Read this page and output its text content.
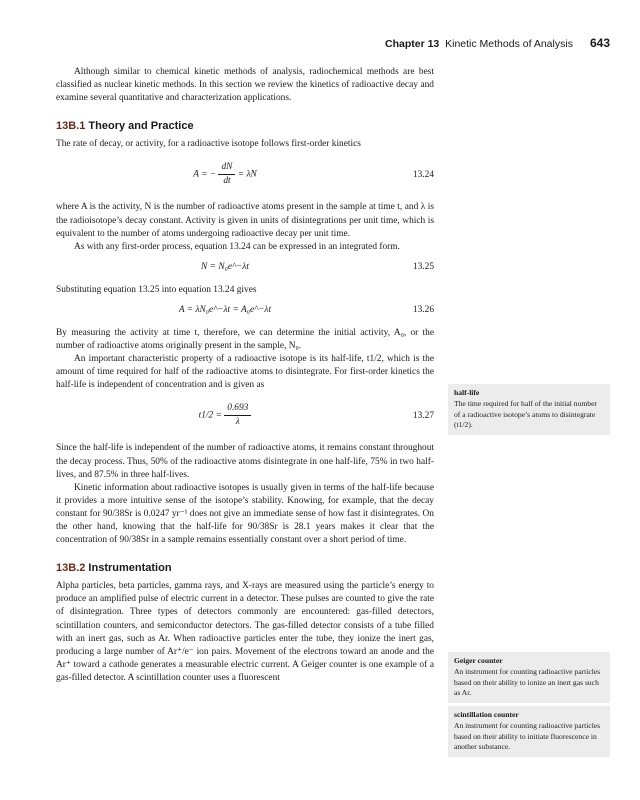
Chapter 13 Kinetic Methods of Analysis 643

Although similar to chemical kinetic methods of analysis, radiochemical methods are best classified as nuclear kinetic methods. In this section we review the kinetics of radioactive decay and examine several quantitative and characterization applications.

13B.1 Theory and Practice

The rate of decay, or activity, for a radioactive isotope follows first-order kinetics

A = − $\frac{dN}{dt} = \lambda N$	13.24

where A is the activity, N is the number of radioactive atoms present in the sample at time t, and λ is the radioisotope’s decay constant. Activity is given in units of disintegrations per unit time, which is equivalent to the number of atoms undergoing radioactive decay per unit time.

As with any first-order process, equation 13.24 can be expressed in an integrated form.

N = N₀e^−λt	13.25

Substituting equation 13.25 into equation 13.24 gives

A = λN₀e^−λt = A₀e^−λt	13.26

By measuring the activity at time t, therefore, we can determine the initial activity, A₀, or the number of radioactive atoms originally present in the sample, N₀.

An important characteristic property of a radioactive isotope is its half-life, t1/2, which is the amount of time required for half of the radioactive atoms to disintegrate. For first-order kinetics the half-life is independent of concentration and is given as

$t1/2 = \frac{0.693}{\lambda}$	13.27

Since the half-life is independent of the number of radioactive atoms, it remains constant throughout the decay process. Thus, 50% of the radioactive atoms disintegrate in one half-life, 75% in two half-lives, and 87.5% in three half-lives.

Kinetic information about radioactive isotopes is usually given in terms of the half-life because it provides a more intuitive sense of the isotope’s stability. Knowing, for example, that the decay constant for 90/38Sr is 0.0247 yr⁻¹ does not give an immediate sense of how fast it disintegrates. On the other hand, knowing that the half-life for 90/38Sr is 28.1 years makes it clear that the concentration of 90/38Sr in a sample remains essentially constant over a short period of time.

13B.2 Instrumentation

Alpha particles, beta particles, gamma rays, and X-rays are measured using the particle’s energy to produce an amplified pulse of electric current in a detector. These pulses are counted to give the rate of disintegration. Three types of detectors commonly are encountered: gas-filled detectors, scintillation counters, and semiconductor detectors. The gas-filled detector consists of a tube filled with an inert gas, such as Ar. When radioactive particles enter the tube, they ionize the inert gas, producing a large number of Ar⁺/e⁻ ion pairs. Movement of the electrons toward an anode and the Ar⁺ toward a cathode generates a measurable electric current. A Geiger counter is one example of a gas-filled detector. A scintillation counter uses a fluorescent

half-life
The time required for half of the initial number of a radioactive isotope’s atoms to disintegrate (t1/2).
Geiger counter
An instrument for counting radioactive particles based on their ability to ionize an inert gas such as Ar.
scintillation counter
An instrument for counting radioactive particles based on their ability to initiate fluorescence in another substance.
